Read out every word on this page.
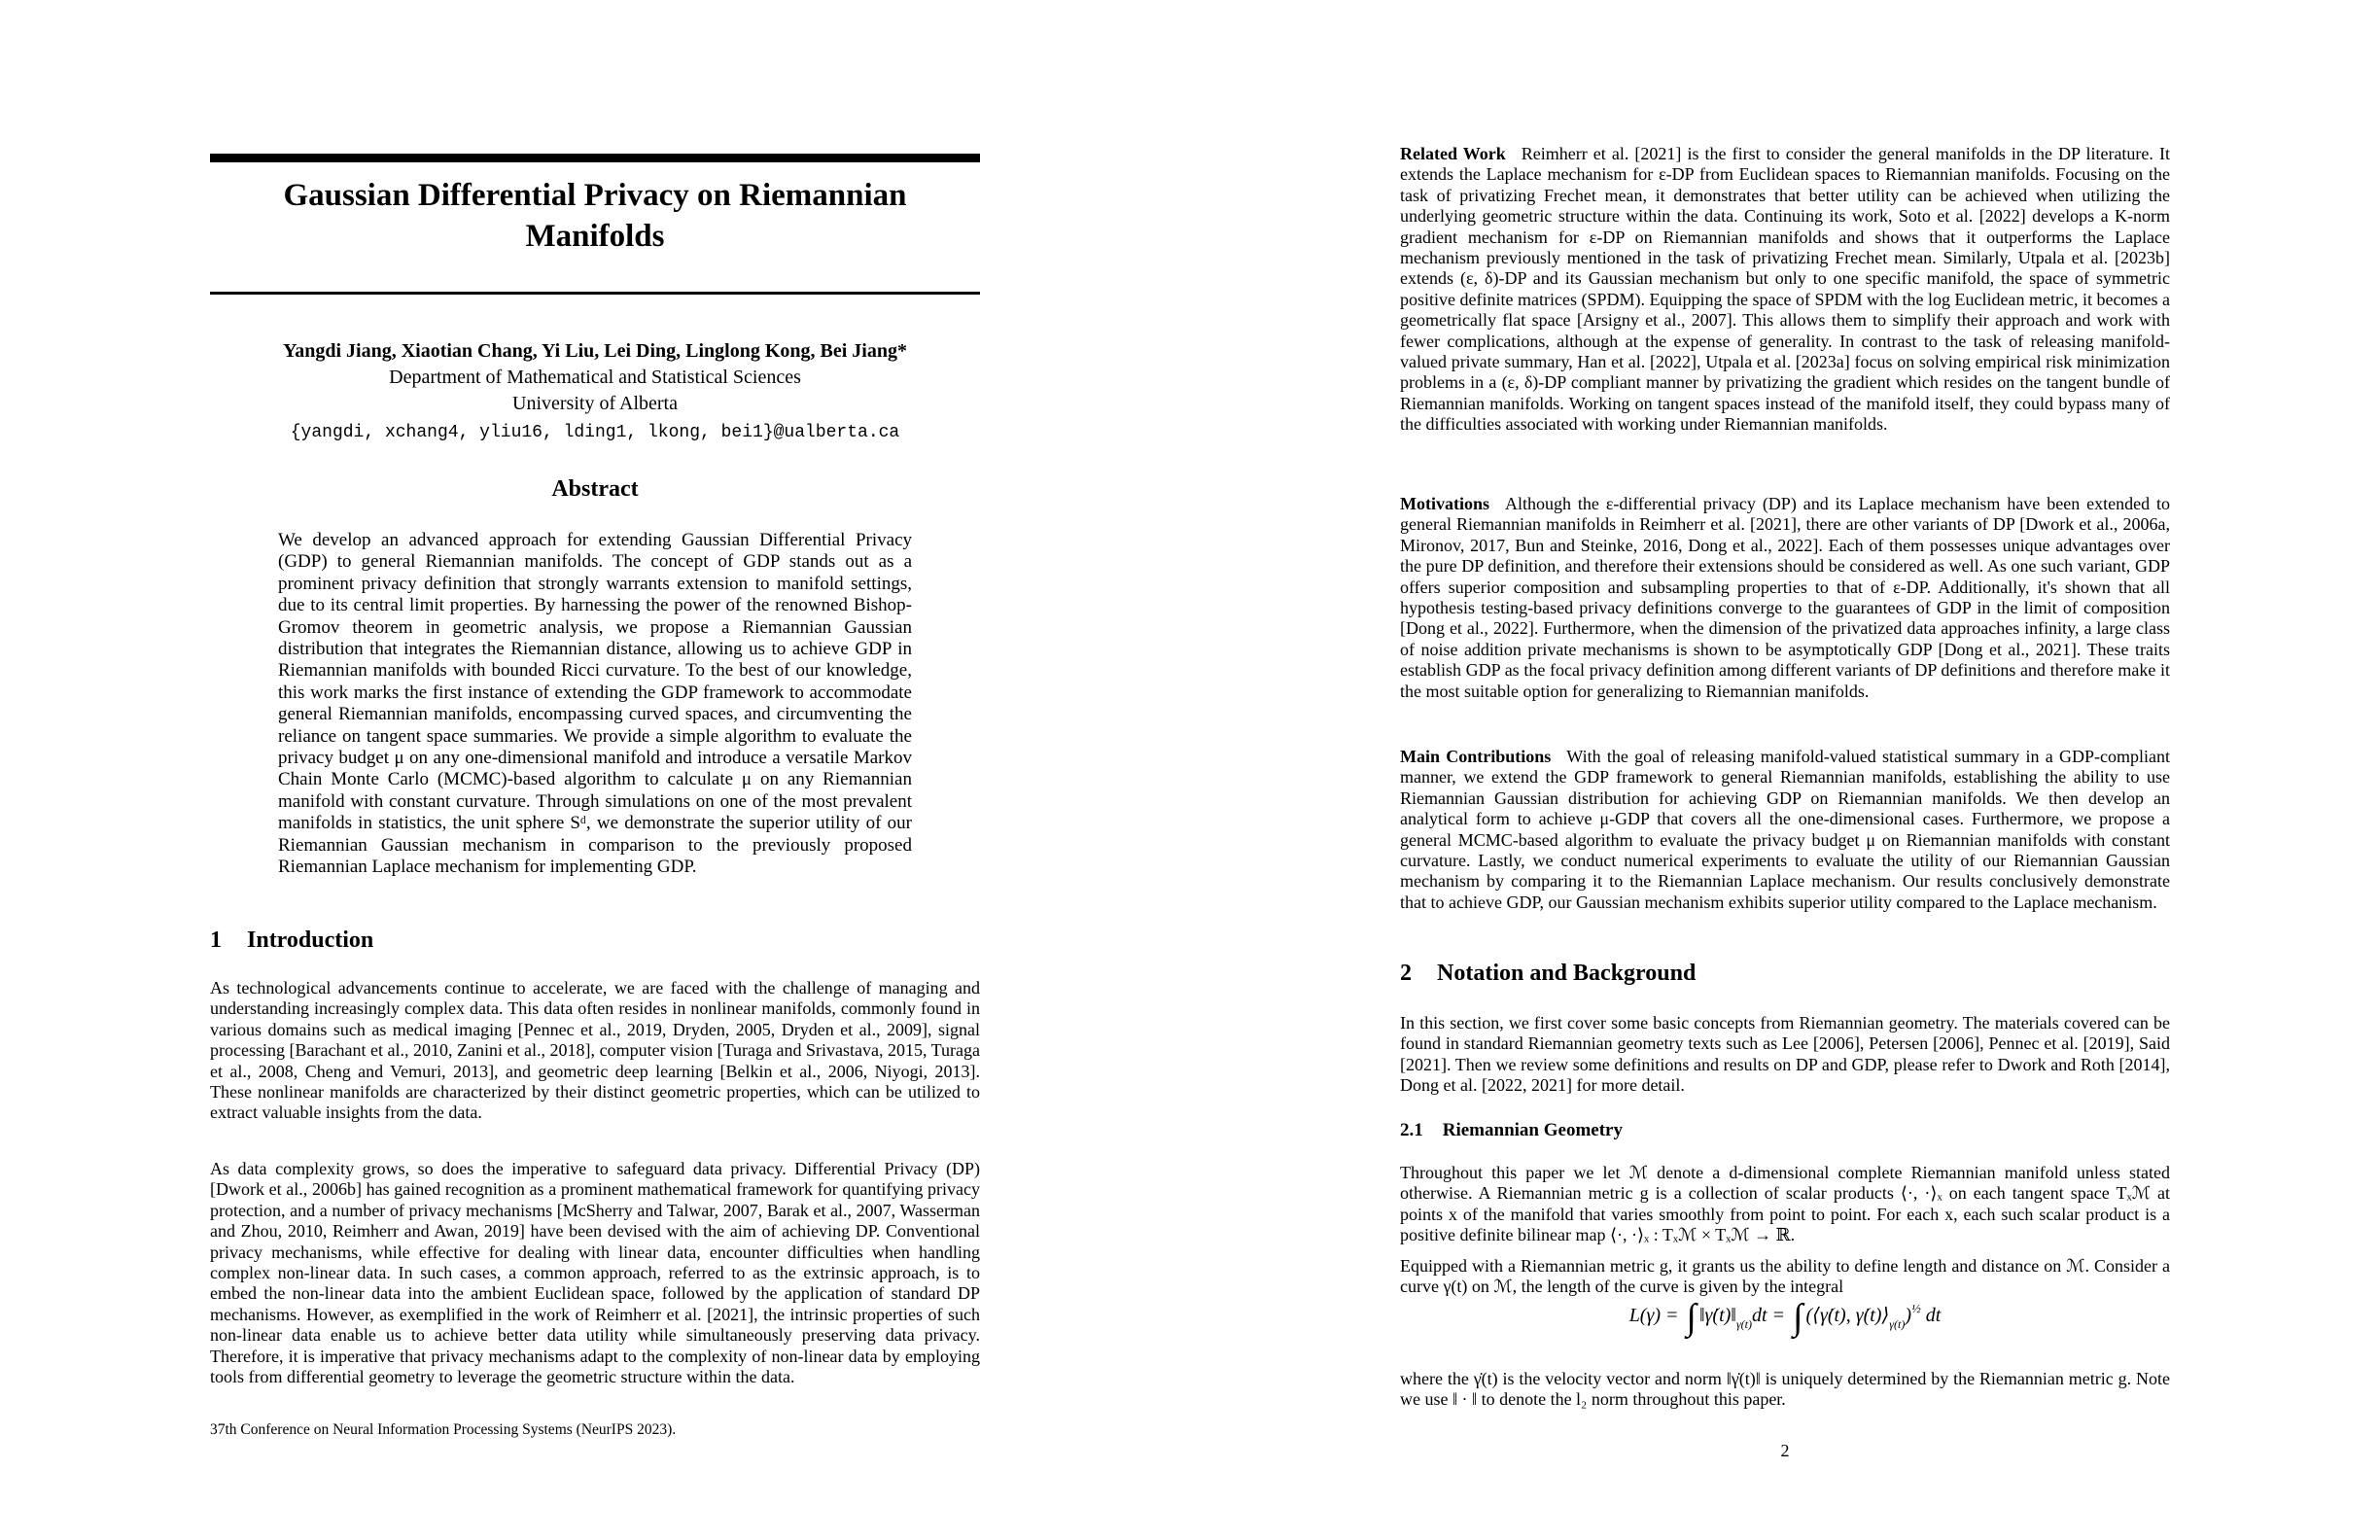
Gaussian Differential Privacy on Riemannian Manifolds
Yangdi Jiang, Xiaotian Chang, Yi Liu, Lei Ding, Linglong Kong, Bei Jiang*
Department of Mathematical and Statistical Sciences
University of Alberta
{yangdi, xchang4, yliu16, lding1, lkong, bei1}@ualberta.ca
Abstract
We develop an advanced approach for extending Gaussian Differential Privacy (GDP) to general Riemannian manifolds. The concept of GDP stands out as a prominent privacy definition that strongly warrants extension to manifold settings, due to its central limit properties. By harnessing the power of the renowned Bishop-Gromov theorem in geometric analysis, we propose a Riemannian Gaussian distribution that integrates the Riemannian distance, allowing us to achieve GDP in Riemannian manifolds with bounded Ricci curvature. To the best of our knowledge, this work marks the first instance of extending the GDP framework to accommodate general Riemannian manifolds, encompassing curved spaces, and circumventing the reliance on tangent space summaries. We provide a simple algorithm to evaluate the privacy budget μ on any one-dimensional manifold and introduce a versatile Markov Chain Monte Carlo (MCMC)-based algorithm to calculate μ on any Riemannian manifold with constant curvature. Through simulations on one of the most prevalent manifolds in statistics, the unit sphere Sᵈ, we demonstrate the superior utility of our Riemannian Gaussian mechanism in comparison to the previously proposed Riemannian Laplace mechanism for implementing GDP.
1 Introduction
As technological advancements continue to accelerate, we are faced with the challenge of managing and understanding increasingly complex data. This data often resides in nonlinear manifolds, commonly found in various domains such as medical imaging [Pennec et al., 2019, Dryden, 2005, Dryden et al., 2009], signal processing [Barachant et al., 2010, Zanini et al., 2018], computer vision [Turaga and Srivastava, 2015, Turaga et al., 2008, Cheng and Vemuri, 2013], and geometric deep learning [Belkin et al., 2006, Niyogi, 2013]. These nonlinear manifolds are characterized by their distinct geometric properties, which can be utilized to extract valuable insights from the data.
As data complexity grows, so does the imperative to safeguard data privacy. Differential Privacy (DP) [Dwork et al., 2006b] has gained recognition as a prominent mathematical framework for quantifying privacy protection, and a number of privacy mechanisms [McSherry and Talwar, 2007, Barak et al., 2007, Wasserman and Zhou, 2010, Reimherr and Awan, 2019] have been devised with the aim of achieving DP. Conventional privacy mechanisms, while effective for dealing with linear data, encounter difficulties when handling complex non-linear data. In such cases, a common approach, referred to as the extrinsic approach, is to embed the non-linear data into the ambient Euclidean space, followed by the application of standard DP mechanisms. However, as exemplified in the work of Reimherr et al. [2021], the intrinsic properties of such non-linear data enable us to achieve better data utility while simultaneously preserving data privacy. Therefore, it is imperative that privacy mechanisms adapt to the complexity of non-linear data by employing tools from differential geometry to leverage the geometric structure within the data.
37th Conference on Neural Information Processing Systems (NeurIPS 2023).
Related Work Reimherr et al. [2021] is the first to consider the general manifolds in the DP literature. It extends the Laplace mechanism for ε-DP from Euclidean spaces to Riemannian manifolds. Focusing on the task of privatizing Frechet mean, it demonstrates that better utility can be achieved when utilizing the underlying geometric structure within the data. Continuing its work, Soto et al. [2022] develops a K-norm gradient mechanism for ε-DP on Riemannian manifolds and shows that it outperforms the Laplace mechanism previously mentioned in the task of privatizing Frechet mean. Similarly, Utpala et al. [2023b] extends (ε, δ)-DP and its Gaussian mechanism but only to one specific manifold, the space of symmetric positive definite matrices (SPDM). Equipping the space of SPDM with the log Euclidean metric, it becomes a geometrically flat space [Arsigny et al., 2007]. This allows them to simplify their approach and work with fewer complications, although at the expense of generality. In contrast to the task of releasing manifold-valued private summary, Han et al. [2022], Utpala et al. [2023a] focus on solving empirical risk minimization problems in a (ε, δ)-DP compliant manner by privatizing the gradient which resides on the tangent bundle of Riemannian manifolds. Working on tangent spaces instead of the manifold itself, they could bypass many of the difficulties associated with working under Riemannian manifolds.
Motivations Although the ε-differential privacy (DP) and its Laplace mechanism have been extended to general Riemannian manifolds in Reimherr et al. [2021], there are other variants of DP [Dwork et al., 2006a, Mironov, 2017, Bun and Steinke, 2016, Dong et al., 2022]. Each of them possesses unique advantages over the pure DP definition, and therefore their extensions should be considered as well. As one such variant, GDP offers superior composition and subsampling properties to that of ε-DP. Additionally, it's shown that all hypothesis testing-based privacy definitions converge to the guarantees of GDP in the limit of composition [Dong et al., 2022]. Furthermore, when the dimension of the privatized data approaches infinity, a large class of noise addition private mechanisms is shown to be asymptotically GDP [Dong et al., 2021]. These traits establish GDP as the focal privacy definition among different variants of DP definitions and therefore make it the most suitable option for generalizing to Riemannian manifolds.
Main Contributions With the goal of releasing manifold-valued statistical summary in a GDP-compliant manner, we extend the GDP framework to general Riemannian manifolds, establishing the ability to use Riemannian Gaussian distribution for achieving GDP on Riemannian manifolds. We then develop an analytical form to achieve μ-GDP that covers all the one-dimensional cases. Furthermore, we propose a general MCMC-based algorithm to evaluate the privacy budget μ on Riemannian manifolds with constant curvature. Lastly, we conduct numerical experiments to evaluate the utility of our Riemannian Gaussian mechanism by comparing it to the Riemannian Laplace mechanism. Our results conclusively demonstrate that to achieve GDP, our Gaussian mechanism exhibits superior utility compared to the Laplace mechanism.
2 Notation and Background
In this section, we first cover some basic concepts from Riemannian geometry. The materials covered can be found in standard Riemannian geometry texts such as Lee [2006], Petersen [2006], Pennec et al. [2019], Said [2021]. Then we review some definitions and results on DP and GDP, please refer to Dwork and Roth [2014], Dong et al. [2022, 2021] for more detail.
2.1 Riemannian Geometry
Throughout this paper we let ℳ denote a d-dimensional complete Riemannian manifold unless stated otherwise. A Riemannian metric g is a collection of scalar products ⟨·, ·⟩ₓ on each tangent space Tₓℳ at points x of the manifold that varies smoothly from point to point. For each x, each such scalar product is a positive definite bilinear map ⟨·, ·⟩ₓ : Tₓℳ × Tₓℳ → ℝ.
Equipped with a Riemannian metric g, it grants us the ability to define length and distance on ℳ. Consider a curve γ(t) on ℳ, the length of the curve is given by the integral
L(γ) = ∫ $‖\gammȧ(t)‖_{\gamma(t)}dt$ = ∫ (⟨γ̇(t), $\gammȧ(t)⟩_{\gamma(t)})^{\frac{1}{2}}$ dt
where the γ̇(t) is the velocity vector and norm ‖γ̇(t)‖ is uniquely determined by the Riemannian metric g. Note we use ‖ · ‖ to denote the l₂ norm throughout this paper.
2
